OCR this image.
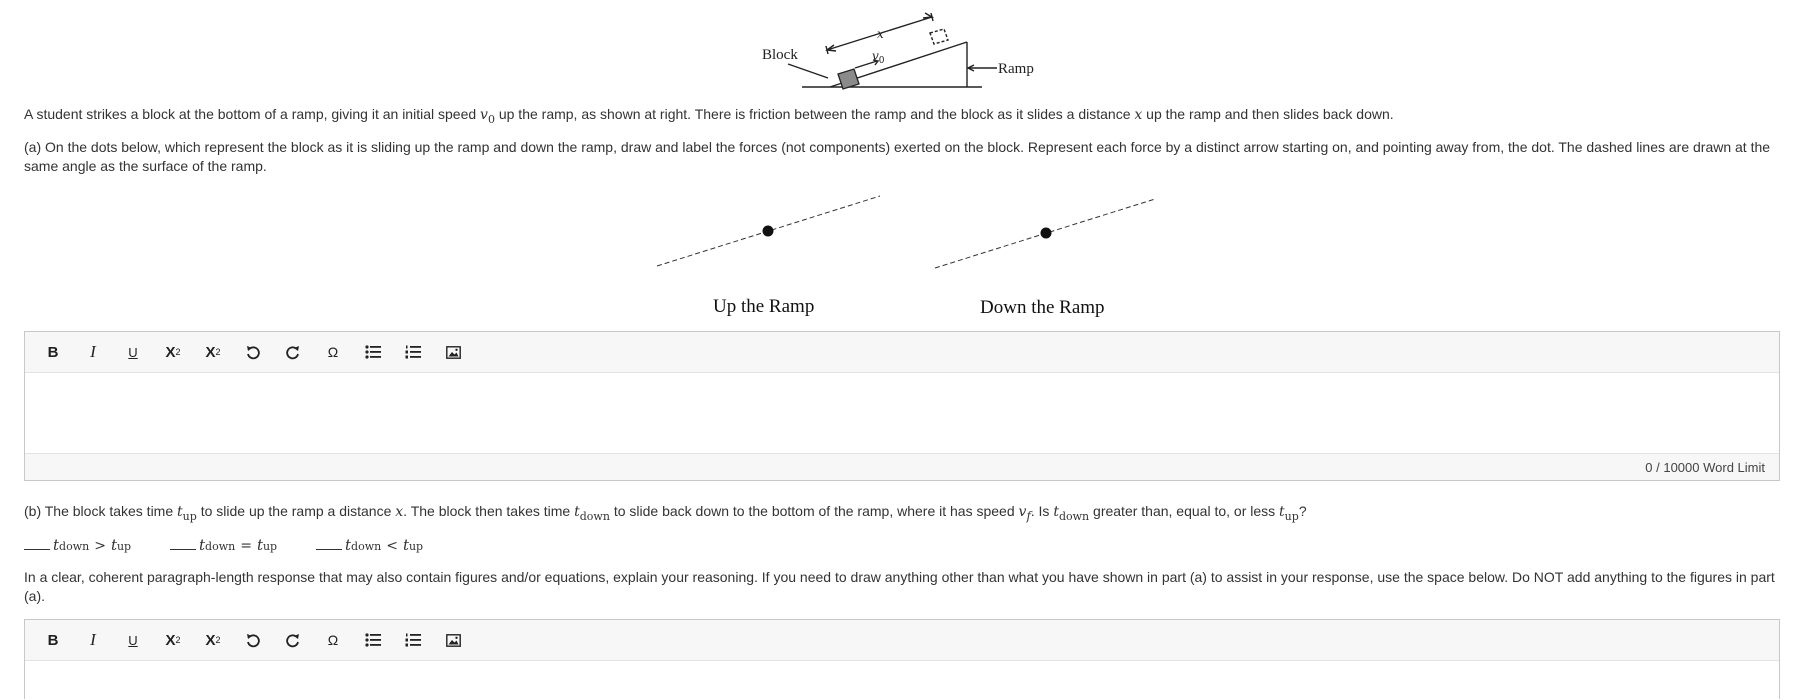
Block
Ramp
x
$v_0$
A student strikes a block at the bottom of a ramp, giving it an initial speed $v_0$ up the ramp, as shown at right. There is friction between the ramp and the block as it slides a distance x up the ramp and then slides back down.
(a) On the dots below, which represent the block as it is sliding up the ramp and down the ramp, draw and label the forces (not components) exerted on the block. Represent each force by a distinct arrow starting on, and pointing away from, the dot. The dashed lines are drawn at the same angle as the surface of the ramp.
Up the Ramp	Down the Ramp
B I U X 2 X 2	Ω
0
/ 10000 Word Limit
(b) The block takes time $t_{up}$ to slide up the ramp a distance x. The block then takes time $t_{down}$ to slide back down to the bottom of the ramp, where it has speed $v_f$. Is $t_{down}$ greater than, equal to, or less $t_{up}$?
t down > t up	t down = t up	t down < t up
In a clear, coherent paragraph-length response that may also contain figures and/or equations, explain your reasoning. If you need to draw anything other than what you have shown in part (a) to assist in your response, use the space below. Do NOT add anything to the figures in part (a).
B I U X 2 X 2	Ω
